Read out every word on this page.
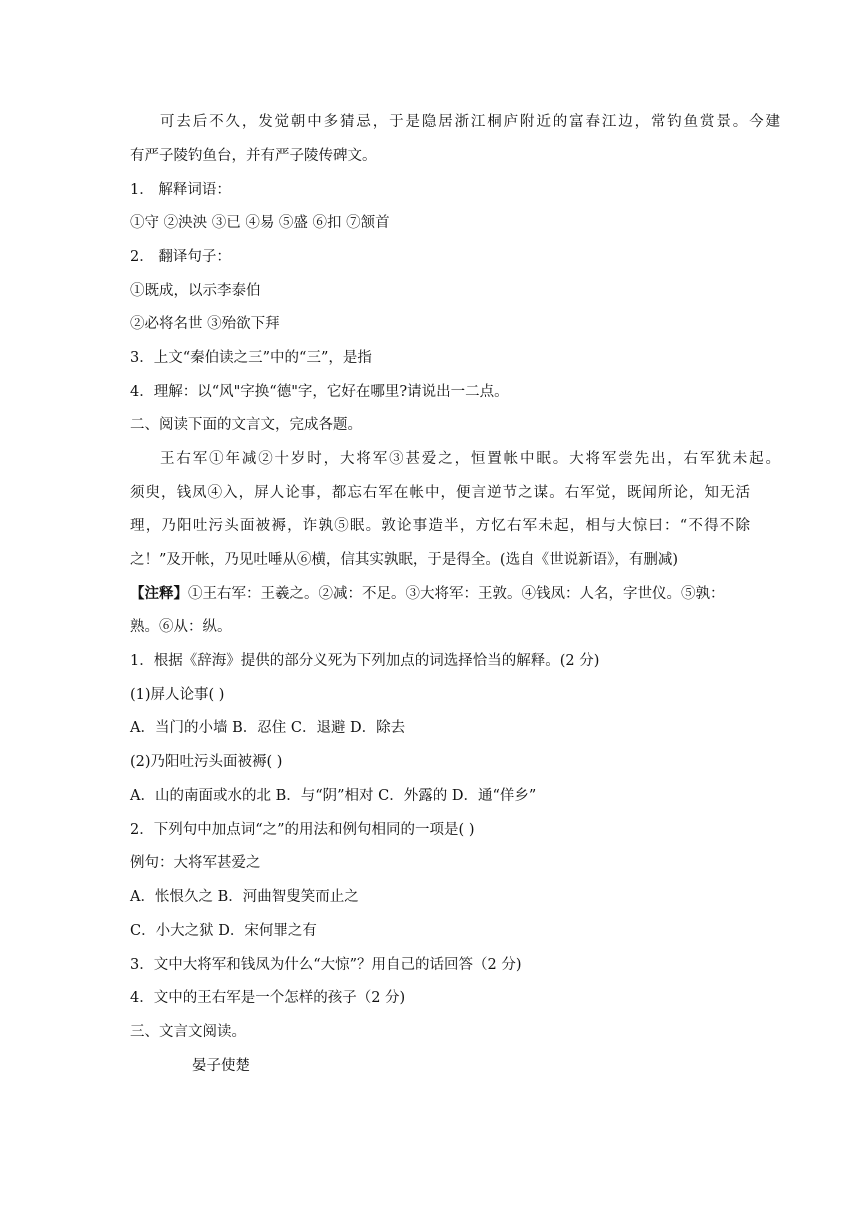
可去后不久，发觉朝中多猜忌，于是隐居浙江桐庐附近的富春江边，常钓鱼赏景。今建
有严子陵钓鱼台，并有严子陵传碑文。
1． 解释词语：
①守 ②泱泱 ③已 ④易 ⑤盛 ⑥扣 ⑦颔首
2． 翻译句子：
①既成，以示李泰伯
②必将名世 ③殆欲下拜
3．上文“秦伯读之三”中的“三”，是指
4．理解：以“风"字换“德"字，它好在哪里?请说出一二点。
二、阅读下面的文言文，完成各题。
王右军①年减②十岁时，大将军③甚爱之，恒置帐中眠。大将军尝先出，右军犹未起。
须臾，钱凤④入，屏人论事，都忘右军在帐中，便言逆节之谋。右军觉，既闻所论，知无活
理，乃阳吐污头面被褥，诈孰⑤眠。敦论事造半，方忆右军未起，相与大惊曰：“不得不除
之！”及开帐，乃见吐唾从⑥横，信其实孰眠，于是得全。(选自《世说新语》，有删减)
【注释】①王右军：王羲之。②减：不足。③大将军：王敦。④钱凤：人名，字世仪。⑤孰：
熟。⑥从：纵。
1．根据《辞海》提供的部分义死为下列加点的词选择恰当的解释。(2 分)
(1)屏人论事( )
A．当门的小墙 B．忍住 C．退避 D．除去
(2)乃阳吐污头面被褥( )
A．山的南面或水的北 B．与“阴”相对 C．外露的 D．通“佯乡”
2．下列句中加点词“之”的用法和例句相同的一项是( )
例句：大将军甚爱之
A．怅恨久之 B．河曲智叟笑而止之
C．小大之狱 D．宋何罪之有
3．文中大将军和钱凤为什么“大惊”？用自己的话回答（2 分)
4．文中的王右军是一个怎样的孩子（2 分)
三、文言文阅读。
晏子使楚
